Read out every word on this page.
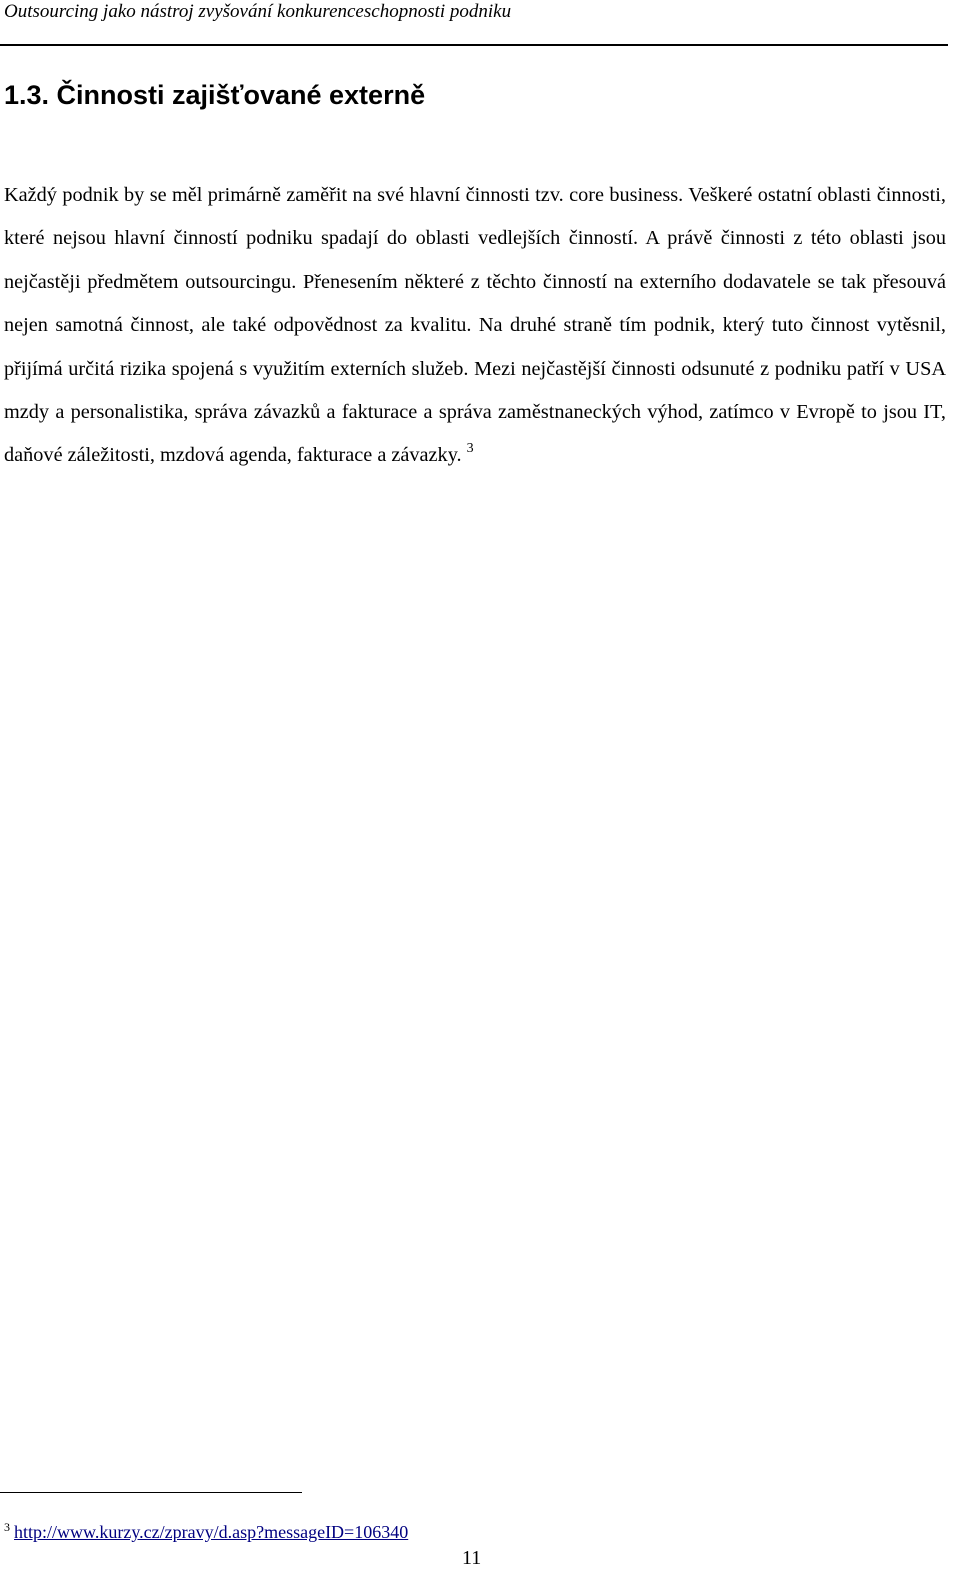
Outsourcing jako nástroj zvyšování konkurenceschopnosti podniku
1.3. Činnosti zajišťované externě

Každý podnik by se měl primárně zaměřit na své hlavní činnosti tzv. core business. Veškeré ostatní oblasti činnosti, které nejsou hlavní činností podniku spadají do oblasti vedlejších činností. A právě činnosti z této oblasti jsou nejčastěji předmětem outsourcingu. Přenesením některé z těchto činností na externího dodavatele se tak přesouvá nejen samotná činnost, ale také odpovědnost za kvalitu. Na druhé straně tím podnik, který tuto činnost vytěsnil, přijímá určitá rizika spojená s využitím externích služeb. Mezi nejčastější činnosti odsunuté z podniku patří v USA mzdy a personalistika, správa závazků a fakturace a správa zaměstnaneckých výhod, zatímco v Evropě to jsou IT, daňové záležitosti, mzdová agenda, fakturace a závazky. $^3$

$^3$ http://www.kurzy.cz/zpravy/d.asp?messageID=106340
11
